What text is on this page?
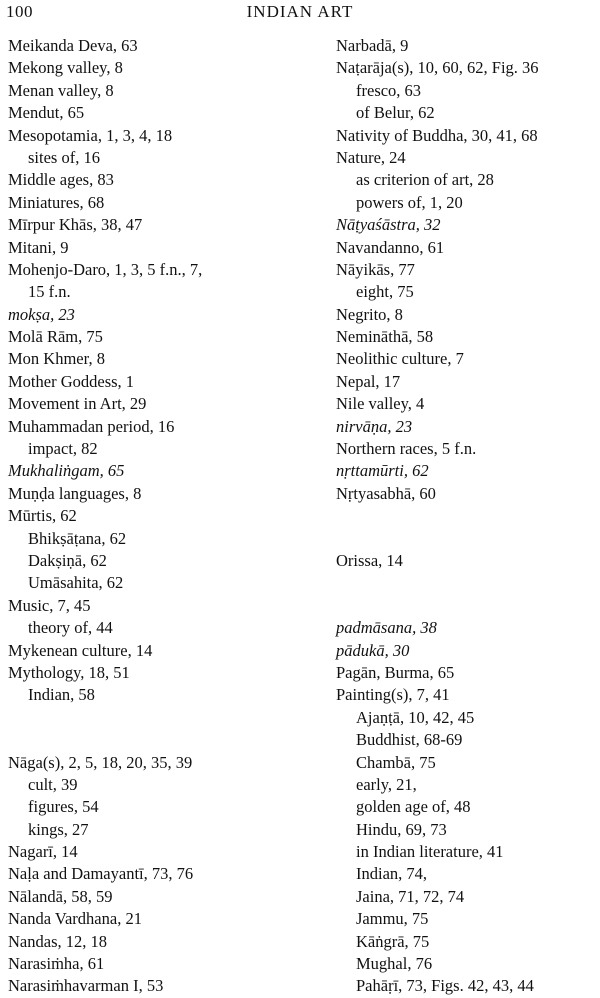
100	INDIAN ART
Meikanda Deva, 63
Mekong valley, 8
Menan valley, 8
Mendut, 65
Mesopotamia, 1, 3, 4, 18
sites of, 16
Middle ages, 83
Miniatures, 68
Mīrpur Khās, 38, 47
Mitani, 9
Mohenjo-Daro, 1, 3, 5 f.n., 7,
15 f.n.
mokṣa, 23
Molā Rām, 75
Mon Khmer, 8
Mother Goddess, 1
Movement in Art, 29
Muhammadan period, 16
impact, 82
Mukhaliṅgam, 65
Muṇḍa languages, 8
Mūrtis, 62
Bhikṣāṭana, 62
Dakṣiṇā, 62
Umāsahita, 62
Music, 7, 45
theory of, 44
Mykenean culture, 14
Mythology, 18, 51
Indian, 58
Nāga(s), 2, 5, 18, 20, 35, 39
cult, 39
figures, 54
kings, 27
Nagarī, 14
Naḷa and Damayantī, 73, 76
Nālandā, 58, 59
Nanda Vardhana, 21
Nandas, 12, 18
Narasiṁha, 61
Narasiṁhavarman I, 53
Narbadā, 9
Naṭarāja(s), 10, 60, 62, Fig. 36
fresco, 63
of Belur, 62
Nativity of Buddha, 30, 41, 68
Nature, 24
as criterion of art, 28
powers of, 1, 20
Nāṭyaśāstra, 32
Navandanno, 61
Nāyikās, 77
eight, 75
Negrito, 8
Nemināthā, 58
Neolithic culture, 7
Nepal, 17
Nile valley, 4
nirvāṇa, 23
Northern races, 5 f.n.
nṛttamūrti, 62
Nṛtyasabhā, 60
Orissa, 14
padmāsana, 38
pādukā, 30
Pagān, Burma, 65
Painting(s), 7, 41
Ajaṇṭā, 10, 42, 45
Buddhist, 68-69
Chambā, 75
early, 21,
golden age of, 48
Hindu, 69, 73
in Indian literature, 41
Indian, 74,
Jaina, 71, 72, 74
Jammu, 75
Kāṅgrā, 75
Mughal, 76
Pahāṛī, 73, Figs. 42, 43, 44
